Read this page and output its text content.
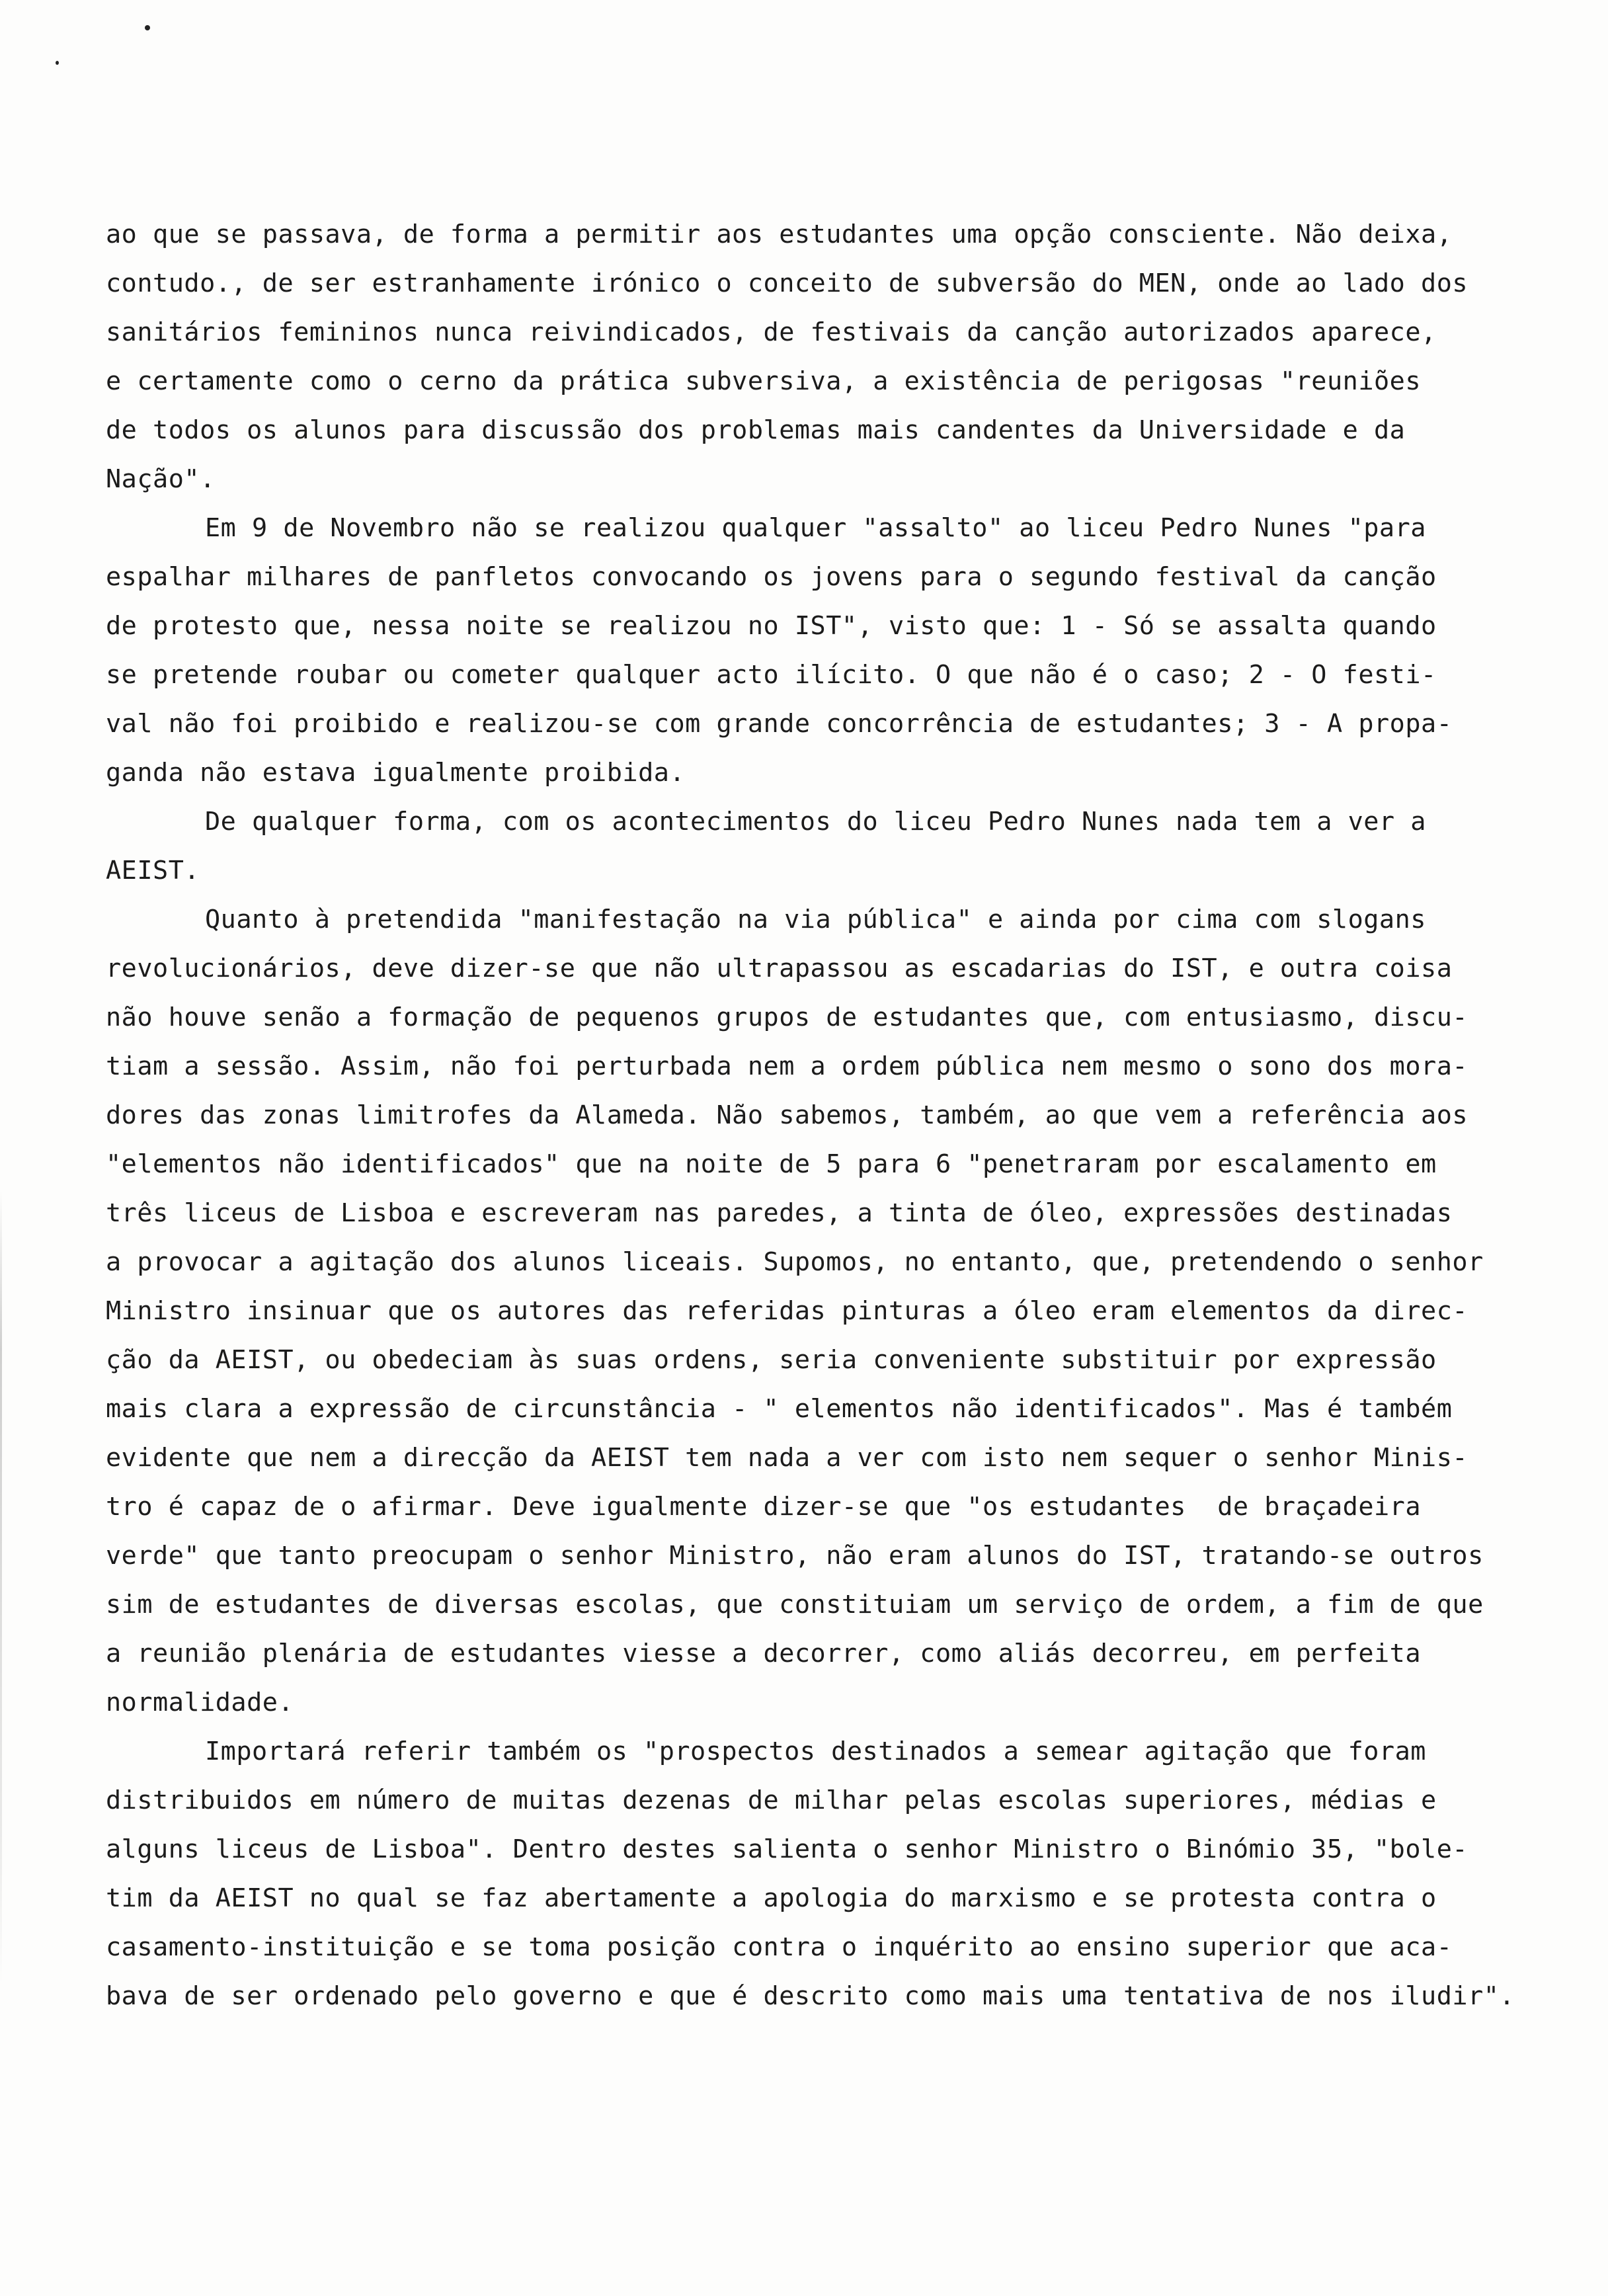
ao que se passava, de forma a permitir aos estudantes uma opção consciente. Não deixa,
contudo., de ser estranhamente irónico o conceito de subversão do MEN, onde ao lado dos
sanitários femininos nunca reivindicados, de festivais da canção autorizados aparece,
e certamente como o cerno da prática subversiva, a existência de perigosas "reuniões
de todos os alunos para discussão dos problemas mais candentes da Universidade e da
Nação".
Em 9 de Novembro não se realizou qualquer "assalto" ao liceu Pedro Nunes "para
espalhar milhares de panfletos convocando os jovens para o segundo festival da canção
de protesto que, nessa noite se realizou no IST", visto que: 1 - Só se assalta quando
se pretende roubar ou cometer qualquer acto ilícito. O que não é o caso; 2 - O festi-
val não foi proibido e realizou-se com grande concorrência de estudantes; 3 - A propa-
ganda não estava igualmente proibida.
De qualquer forma, com os acontecimentos do liceu Pedro Nunes nada tem a ver a
AEIST.
Quanto à pretendida "manifestação na via pública" e ainda por cima com slogans
revolucionários, deve dizer-se que não ultrapassou as escadarias do IST, e outra coisa
não houve senão a formação de pequenos grupos de estudantes que, com entusiasmo, discu-
tiam a sessão. Assim, não foi perturbada nem a ordem pública nem mesmo o sono dos mora-
dores das zonas limitrofes da Alameda. Não sabemos, também, ao que vem a referência aos
"elementos não identificados" que na noite de 5 para 6 "penetraram por escalamento em
três liceus de Lisboa e escreveram nas paredes, a tinta de óleo, expressões destinadas
a provocar a agitação dos alunos liceais. Supomos, no entanto, que, pretendendo o senhor
Ministro insinuar que os autores das referidas pinturas a óleo eram elementos da direc-
ção da AEIST, ou obedeciam às suas ordens, seria conveniente substituir por expressão
mais clara a expressão de circunstância - " elementos não identificados". Mas é também
evidente que nem a direcção da AEIST tem nada a ver com isto nem sequer o senhor Minis-
tro é capaz de o afirmar. Deve igualmente dizer-se que "os estudantes  de braçadeira
verde" que tanto preocupam o senhor Ministro, não eram alunos do IST, tratando-se outros
sim de estudantes de diversas escolas, que constituiam um serviço de ordem, a fim de que
a reunião plenária de estudantes viesse a decorrer, como aliás decorreu, em perfeita
normalidade.
Importará referir também os "prospectos destinados a semear agitação que foram
distribuidos em número de muitas dezenas de milhar pelas escolas superiores, médias e
alguns liceus de Lisboa". Dentro destes salienta o senhor Ministro o Binómio 35, "bole-
tim da AEIST no qual se faz abertamente a apologia do marxismo e se protesta contra o
casamento-instituição e se toma posição contra o inquérito ao ensino superior que aca-
bava de ser ordenado pelo governo e que é descrito como mais uma tentativa de nos iludir".
